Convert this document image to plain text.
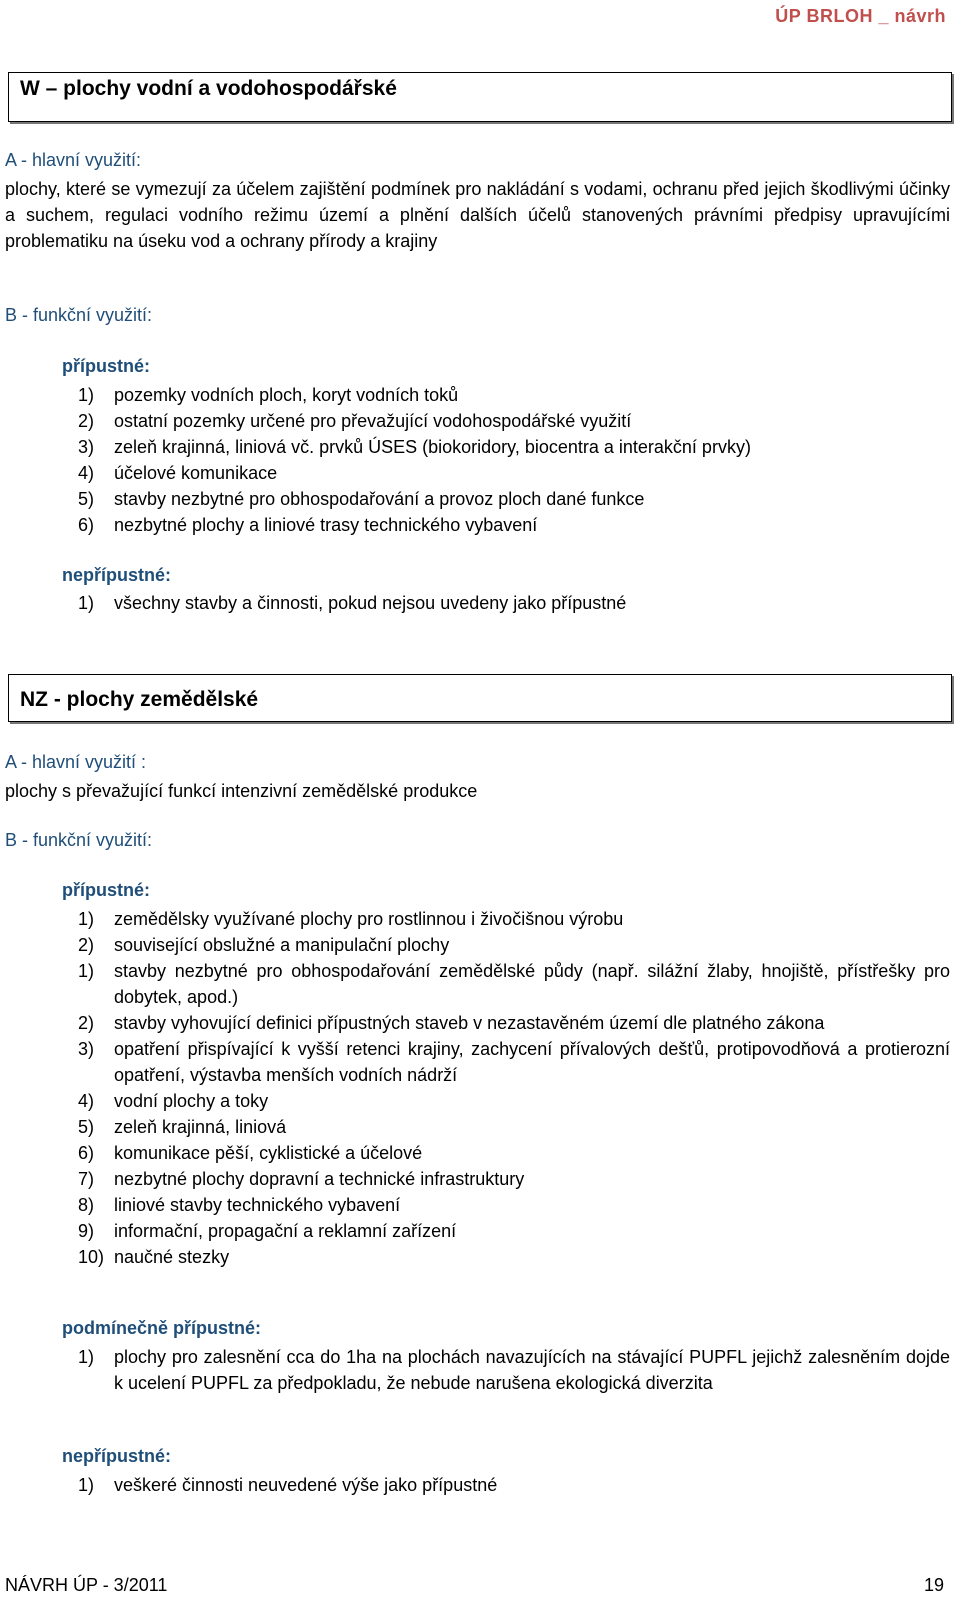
ÚP BRLOH _ návrh
W – plochy vodní a vodohospodářské
A - hlavní využití:
plochy, které se vymezují za účelem zajištění podmínek pro nakládání s vodami, ochranu před jejich škodlivými účinky a suchem, regulaci vodního režimu území a plnění dalších účelů stanovených právními předpisy upravujícími problematiku na úseku vod a ochrany přírody a krajiny
B - funkční využití:
přípustné:
1)	pozemky vodních ploch, koryt vodních toků
2)	ostatní pozemky určené pro převažující vodohospodářské využití
3)	zeleň krajinná, liniová vč. prvků ÚSES (biokoridory, biocentra a interakční prvky)
4)	účelové komunikace
5)	stavby nezbytné pro obhospodařování a provoz ploch dané funkce
6)	nezbytné plochy a liniové trasy technického vybavení
nepřípustné:
1)	všechny stavby a činnosti, pokud nejsou uvedeny jako přípustné
NZ - plochy zemědělské
A - hlavní využití :
plochy s převažující funkcí intenzivní zemědělské produkce
B - funkční využití:
přípustné:
1)	zemědělsky využívané plochy pro rostlinnou i živočišnou výrobu
2)	související obslužné a manipulační plochy
1)	stavby nezbytné pro obhospodařování zemědělské půdy (např. silážní žlaby, hnojiště, přístřešky pro dobytek, apod.)
2)	stavby vyhovující definici přípustných staveb v nezastavěném území dle platného zákona
3)	opatření přispívající k vyšší retenci krajiny, zachycení přívalových dešťů, protipovodňová a protierozní opatření, výstavba menších vodních nádrží
4)	vodní plochy a toky
5)	zeleň krajinná, liniová
6)	komunikace pěší, cyklistické a účelové
7)	nezbytné plochy dopravní a technické infrastruktury
8)	liniové stavby technického vybavení
9)	informační, propagační a reklamní zařízení
10) naučné stezky
podmínečně přípustné:
1)	plochy pro zalesnění cca do 1ha na plochách navazujících na stávající PUPFL jejichž zalesněním dojde k ucelení PUPFL za předpokladu, že nebude narušena ekologická diverzita
nepřípustné:
1)	veškeré činnosti neuvedené výše jako přípustné
NÁVRH ÚP - 3/2011	19
